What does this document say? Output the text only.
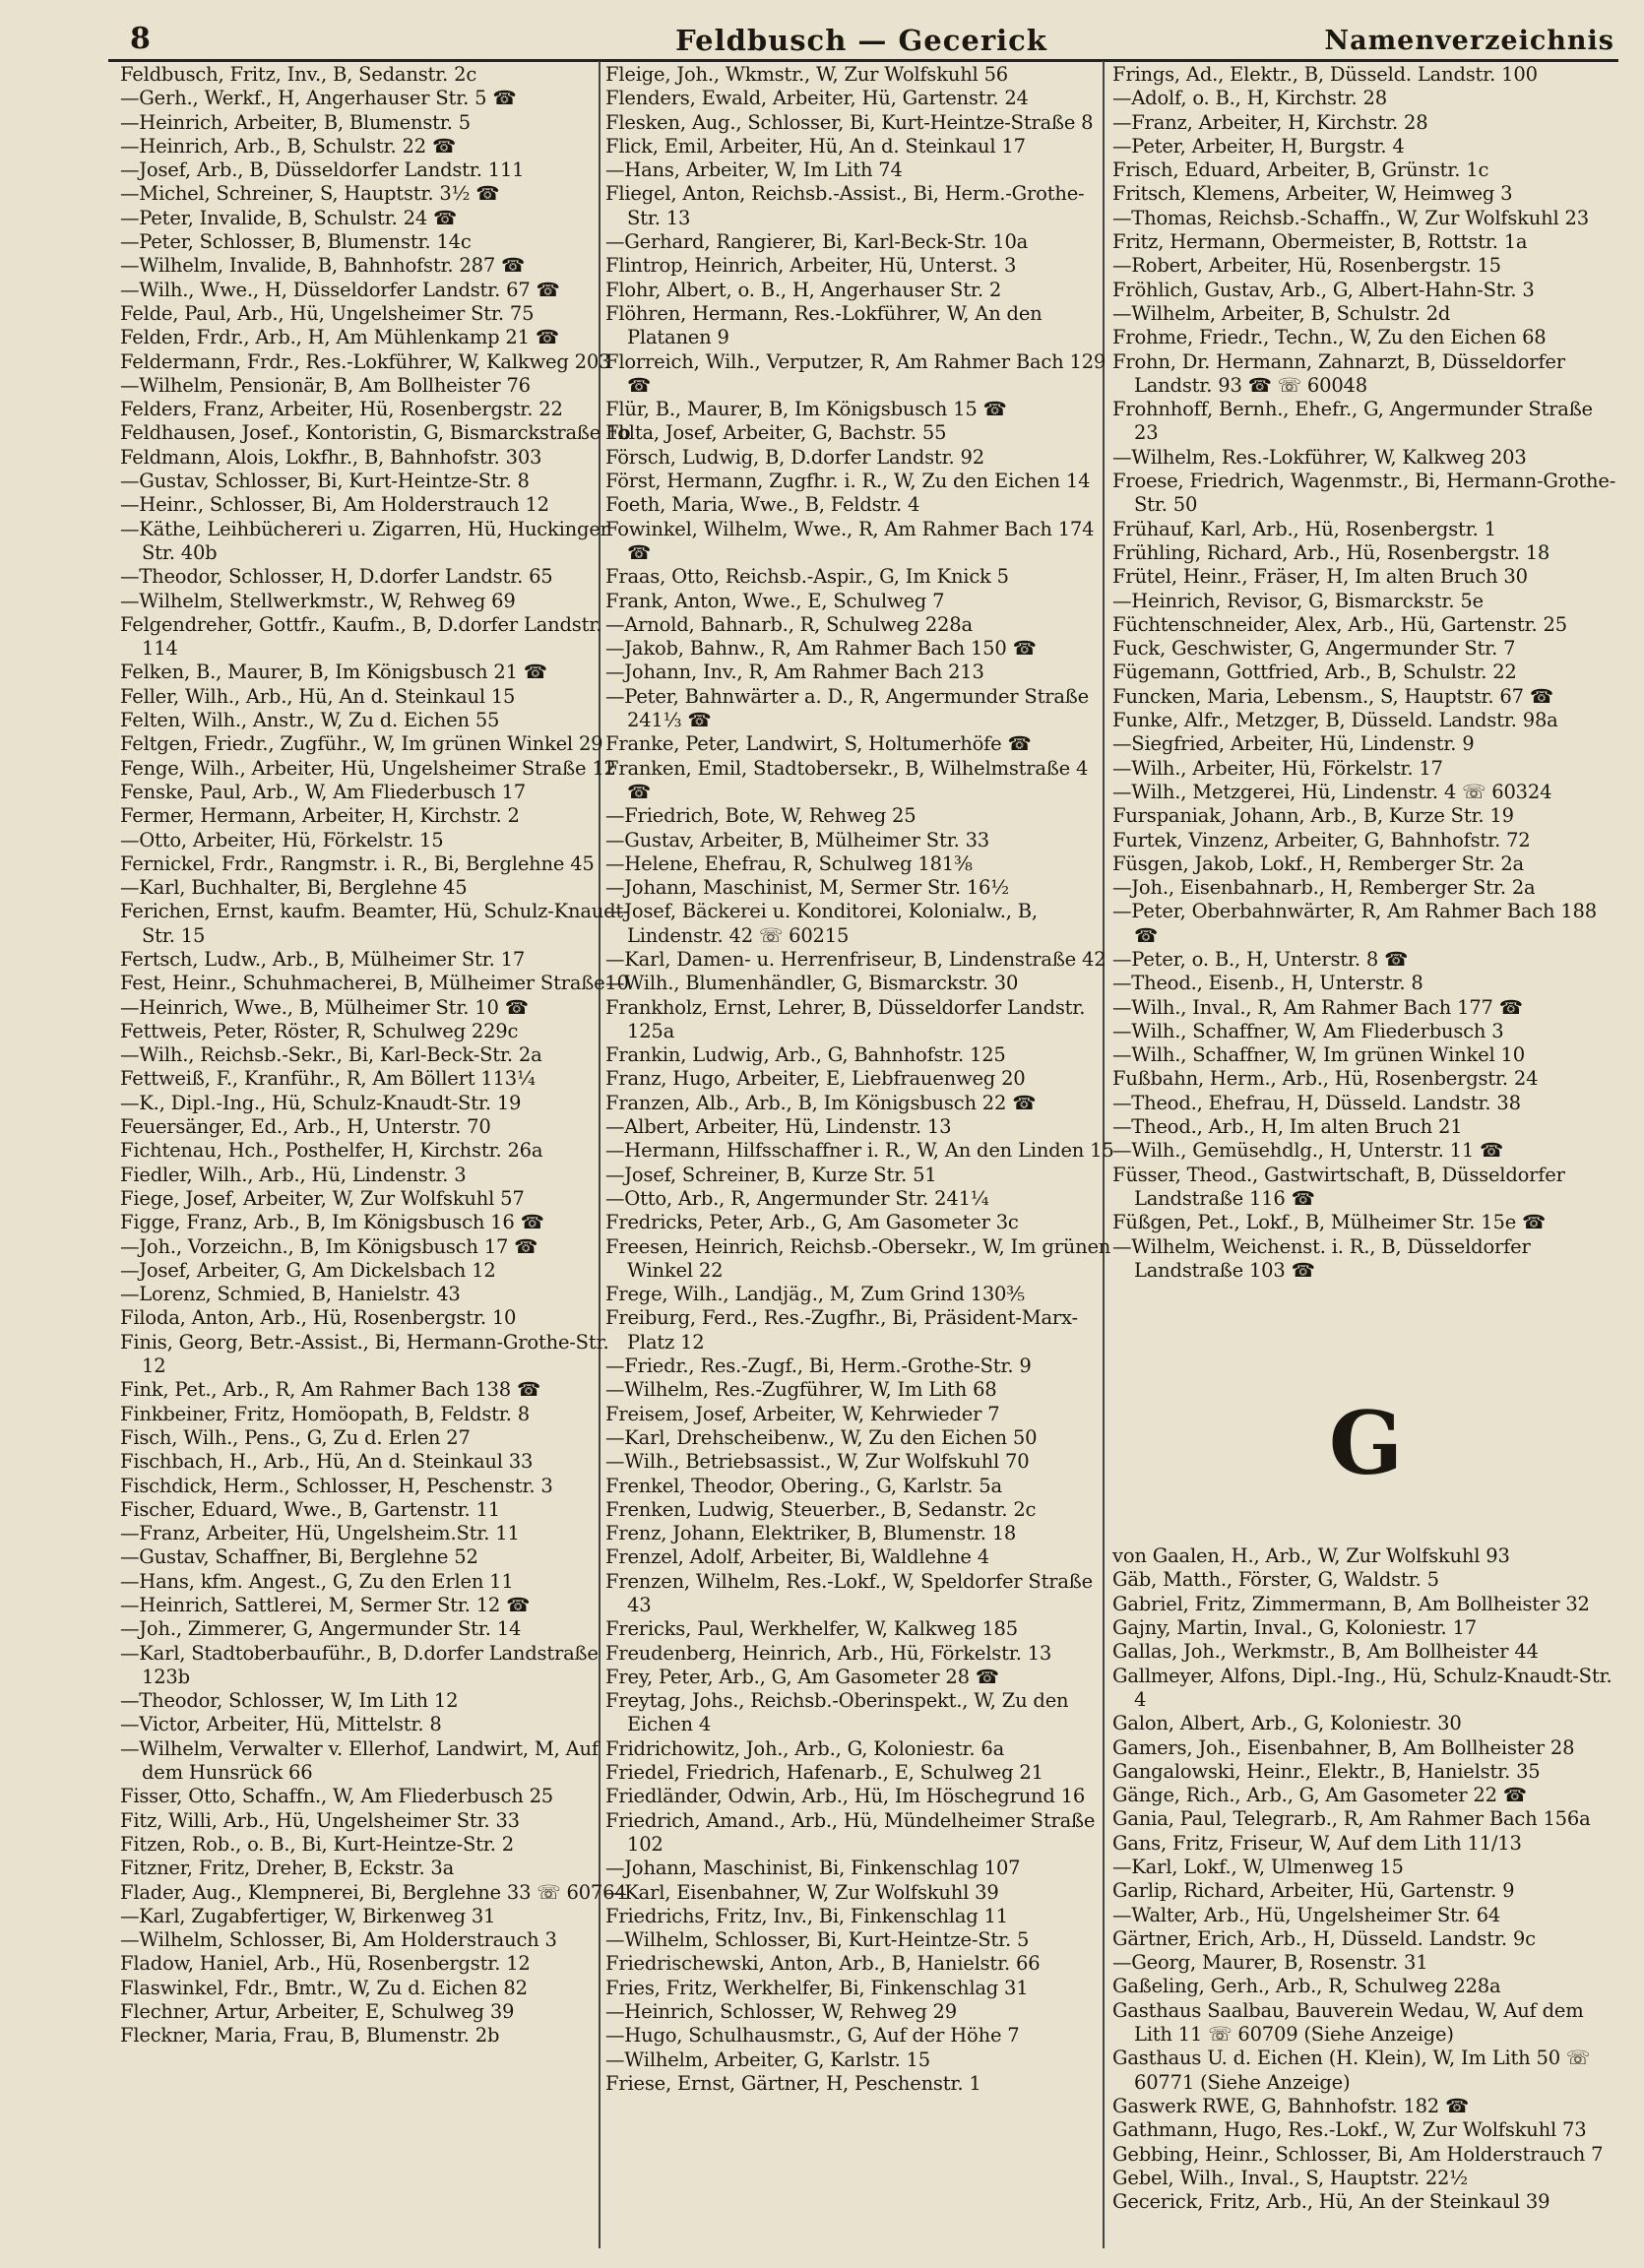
8	Feldbusch — Gecerick	Namenverzeichnis
Feldbusch, Fritz, Inv., B, Sedanstr. 2c
—Gerh., Werkf., H, Angerhauser Str. 5 ☎
—Heinrich, Arbeiter, B, Blumenstr. 5
—Heinrich, Arb., B, Schulstr. 22 ☎
—Josef, Arb., B, Düsseldorfer Landstr. 111
—Michel, Schreiner, S, Hauptstr. 3½ ☎
—Peter, Invalide, B, Schulstr. 24 ☎
—Peter, Schlosser, B, Blumenstr. 14c
—Wilhelm, Invalide, B, Bahnhofstr. 287 ☎
—Wilh., Wwe., H, Düsseldorfer Landstr. 67 ☎
Felde, Paul, Arb., Hü, Ungelsheimer Str. 75
Felden, Frdr., Arb., H, Am Mühlenkamp 21 ☎
Feldermann, Frdr., Res.-Lokführer, W, Kalkweg 203
—Wilhelm, Pensionär, B, Am Bollheister 76
Felders, Franz, Arbeiter, Hü, Rosenbergstr. 22
Feldhausen, Josef., Kontoristin, G, Bismarckstraße 1b
Feldmann, Alois, Lokfhr., B, Bahnhofstr. 303
—Gustav, Schlosser, Bi, Kurt-Heintze-Str. 8
—Heinr., Schlosser, Bi, Am Holderstrauch 12
—Käthe, Leihbüchereri u. Zigarren, Hü, Huckinger Str. 40b
—Theodor, Schlosser, H, D.dorfer Landstr. 65
—Wilhelm, Stellwerkmstr., W, Rehweg 69
Felgendreher, Gottfr., Kaufm., B, D.dorfer Landstr. 114
Felken, B., Maurer, B, Im Königsbusch 21 ☎
Feller, Wilh., Arb., Hü, An d. Steinkaul 15
Felten, Wilh., Anstr., W, Zu d. Eichen 55
Feltgen, Friedr., Zugführ., W, Im grünen Winkel 29
Fenge, Wilh., Arbeiter, Hü, Ungelsheimer Straße 12
Fenske, Paul, Arb., W, Am Fliederbusch 17
Fermer, Hermann, Arbeiter, H, Kirchstr. 2
—Otto, Arbeiter, Hü, Förkelstr. 15
Fernickel, Frdr., Rangmstr. i. R., Bi, Berglehne 45
—Karl, Buchhalter, Bi, Berglehne 45
Ferichen, Ernst, kaufm. Beamter, Hü, Schulz-Knaudt-Str. 15
Fertsch, Ludw., Arb., B, Mülheimer Str. 17
Fest, Heinr., Schuhmacherei, B, Mülheimer Straße10
—Heinrich, Wwe., B, Mülheimer Str. 10 ☎
Fettweis, Peter, Röster, R, Schulweg 229c
—Wilh., Reichsb.-Sekr., Bi, Karl-Beck-Str. 2a
Fettweiß, F., Kranführ., R, Am Böllert 113¼
—K., Dipl.-Ing., Hü, Schulz-Knaudt-Str. 19
Feuersänger, Ed., Arb., H, Unterstr. 70
Fichtenau, Hch., Posthelfer, H, Kirchstr. 26a
Fiedler, Wilh., Arb., Hü, Lindenstr. 3
Fiege, Josef, Arbeiter, W, Zur Wolfskuhl 57
Figge, Franz, Arb., B, Im Königsbusch 16 ☎
—Joh., Vorzeichn., B, Im Königsbusch 17 ☎
—Josef, Arbeiter, G, Am Dickelsbach 12
—Lorenz, Schmied, B, Hanielstr. 43
Filoda, Anton, Arb., Hü, Rosenbergstr. 10
Finis, Georg, Betr.-Assist., Bi, Hermann-Grothe-Str. 12
Fink, Pet., Arb., R, Am Rahmer Bach 138 ☎
Finkbeiner, Fritz, Homöopath, B, Feldstr. 8
Fisch, Wilh., Pens., G, Zu d. Erlen 27
Fischbach, H., Arb., Hü, An d. Steinkaul 33
Fischdick, Herm., Schlosser, H, Peschenstr. 3
Fischer, Eduard, Wwe., B, Gartenstr. 11
—Franz, Arbeiter, Hü, Ungelsheim.Str. 11
—Gustav, Schaffner, Bi, Berglehne 52
—Hans, kfm. Angest., G, Zu den Erlen 11
—Heinrich, Sattlerei, M, Sermer Str. 12 ☎
—Joh., Zimmerer, G, Angermunder Str. 14
—Karl, Stadtoberbauführ., B, D.dorfer Landstraße 123b
—Theodor, Schlosser, W, Im Lith 12
—Victor, Arbeiter, Hü, Mittelstr. 8
—Wilhelm, Verwalter v. Ellerhof, Landwirt, M, Auf dem Hunsrück 66
Fisser, Otto, Schaffn., W, Am Fliederbusch 25
Fitz, Willi, Arb., Hü, Ungelsheimer Str. 33
Fitzen, Rob., o. B., Bi, Kurt-Heintze-Str. 2
Fitzner, Fritz, Dreher, B, Eckstr. 3a
Flader, Aug., Klempnerei, Bi, Berglehne 33 ☏ 60764
—Karl, Zugabfertiger, W, Birkenweg 31
—Wilhelm, Schlosser, Bi, Am Holderstrauch 3
Fladow, Haniel, Arb., Hü, Rosenbergstr. 12
Flaswinkel, Fdr., Bmtr., W, Zu d. Eichen 82
Flechner, Artur, Arbeiter, E, Schulweg 39
Fleckner, Maria, Frau, B, Blumenstr. 2b
Fleige, Joh., Wkmstr., W, Zur Wolfskuhl 56
Flenders, Ewald, Arbeiter, Hü, Gartenstr. 24
Flesken, Aug., Schlosser, Bi, Kurt-Heintze-Straße 8
Flick, Emil, Arbeiter, Hü, An d. Steinkaul 17
—Hans, Arbeiter, W, Im Lith 74
Fliegel, Anton, Reichsb.-Assist., Bi, Herm.-Grothe-Str. 13
—Gerhard, Rangierer, Bi, Karl-Beck-Str. 10a
Flintrop, Heinrich, Arbeiter, Hü, Unterst. 3
Flohr, Albert, o. B., H, Angerhauser Str. 2
Flöhren, Hermann, Res.-Lokführer, W, An den Platanen 9
Florreich, Wilh., Verputzer, R, Am Rahmer Bach 129 ☎
Flür, B., Maurer, B, Im Königsbusch 15 ☎
Folta, Josef, Arbeiter, G, Bachstr. 55
Försch, Ludwig, B, D.dorfer Landstr. 92
Först, Hermann, Zugfhr. i. R., W, Zu den Eichen 14
Foeth, Maria, Wwe., B, Feldstr. 4
Fowinkel, Wilhelm, Wwe., R, Am Rahmer Bach 174 ☎
Fraas, Otto, Reichsb.-Aspir., G, Im Knick 5
Frank, Anton, Wwe., E, Schulweg 7
—Arnold, Bahnarb., R, Schulweg 228a
—Jakob, Bahnw., R, Am Rahmer Bach 150 ☎
—Johann, Inv., R, Am Rahmer Bach 213
—Peter, Bahnwärter a. D., R, Angermunder Straße 241⅓ ☎
Franke, Peter, Landwirt, S, Holtumerhöfe ☎
Franken, Emil, Stadtobersekr., B, Wilhelmstraße 4 ☎
—Friedrich, Bote, W, Rehweg 25
—Gustav, Arbeiter, B, Mülheimer Str. 33
—Helene, Ehefrau, R, Schulweg 181⅜
—Johann, Maschinist, M, Sermer Str. 16½
—Josef, Bäckerei u. Konditorei, Kolonialw., B, Lindenstr. 42 ☏ 60215
—Karl, Damen- u. Herrenfriseur, B, Lindenstraße 42
—Wilh., Blumenhändler, G, Bismarckstr. 30
Frankholz, Ernst, Lehrer, B, Düsseldorfer Landstr. 125a
Frankin, Ludwig, Arb., G, Bahnhofstr. 125
Franz, Hugo, Arbeiter, E, Liebfrauenweg 20
Franzen, Alb., Arb., B, Im Königsbusch 22 ☎
—Albert, Arbeiter, Hü, Lindenstr. 13
—Hermann, Hilfsschaffner i. R., W, An den Linden 15
—Josef, Schreiner, B, Kurze Str. 51
—Otto, Arb., R, Angermunder Str. 241¼
Fredricks, Peter, Arb., G, Am Gasometer 3c
Freesen, Heinrich, Reichsb.-Obersekr., W, Im grünen Winkel 22
Frege, Wilh., Landjäg., M, Zum Grind 130⅗
Freiburg, Ferd., Res.-Zugfhr., Bi, Präsident-Marx-Platz 12
—Friedr., Res.-Zugf., Bi, Herm.-Grothe-Str. 9
—Wilhelm, Res.-Zugführer, W, Im Lith 68
Freisem, Josef, Arbeiter, W, Kehrwieder 7
—Karl, Drehscheibenw., W, Zu den Eichen 50
—Wilh., Betriebsassist., W, Zur Wolfskuhl 70
Frenkel, Theodor, Obering., G, Karlstr. 5a
Frenken, Ludwig, Steuerber., B, Sedanstr. 2c
Frenz, Johann, Elektriker, B, Blumenstr. 18
Frenzel, Adolf, Arbeiter, Bi, Waldlehne 4
Frenzen, Wilhelm, Res.-Lokf., W, Speldorfer Straße 43
Frericks, Paul, Werkhelfer, W, Kalkweg 185
Freudenberg, Heinrich, Arb., Hü, Förkelstr. 13
Frey, Peter, Arb., G, Am Gasometer 28 ☎
Freytag, Johs., Reichsb.-Oberinspekt., W, Zu den Eichen 4
Fridrichowitz, Joh., Arb., G, Koloniestr. 6a
Friedel, Friedrich, Hafenarb., E, Schulweg 21
Friedländer, Odwin, Arb., Hü, Im Höschegrund 16
Friedrich, Amand., Arb., Hü, Mündelheimer Straße 102
—Johann, Maschinist, Bi, Finkenschlag 107
—Karl, Eisenbahner, W, Zur Wolfskuhl 39
Friedrichs, Fritz, Inv., Bi, Finkenschlag 11
—Wilhelm, Schlosser, Bi, Kurt-Heintze-Str. 5
Friedrischewski, Anton, Arb., B, Hanielstr. 66
Fries, Fritz, Werkhelfer, Bi, Finkenschlag 31
—Heinrich, Schlosser, W, Rehweg 29
—Hugo, Schulhausmstr., G, Auf der Höhe 7
—Wilhelm, Arbeiter, G, Karlstr. 15
Friese, Ernst, Gärtner, H, Peschenstr. 1
Frings, Ad., Elektr., B, Düsseld. Landstr. 100
—Adolf, o. B., H, Kirchstr. 28
—Franz, Arbeiter, H, Kirchstr. 28
—Peter, Arbeiter, H, Burgstr. 4
Frisch, Eduard, Arbeiter, B, Grünstr. 1c
Fritsch, Klemens, Arbeiter, W, Heimweg 3
—Thomas, Reichsb.-Schaffn., W, Zur Wolfskuhl 23
Fritz, Hermann, Obermeister, B, Rottstr. 1a
—Robert, Arbeiter, Hü, Rosenbergstr. 15
Fröhlich, Gustav, Arb., G, Albert-Hahn-Str. 3
—Wilhelm, Arbeiter, B, Schulstr. 2d
Frohme, Friedr., Techn., W, Zu den Eichen 68
Frohn, Dr. Hermann, Zahnarzt, B, Düsseldorfer Landstr. 93 ☎ ☏ 60048
Frohnhoff, Bernh., Ehefr., G, Angermunder Straße 23
—Wilhelm, Res.-Lokführer, W, Kalkweg 203
Froese, Friedrich, Wagenmstr., Bi, Hermann-Grothe-Str. 50
Frühauf, Karl, Arb., Hü, Rosenbergstr. 1
Frühling, Richard, Arb., Hü, Rosenbergstr. 18
Frütel, Heinr., Fräser, H, Im alten Bruch 30
—Heinrich, Revisor, G, Bismarckstr. 5e
Füchtenschneider, Alex, Arb., Hü, Gartenstr. 25
Fuck, Geschwister, G, Angermunder Str. 7
Fügemann, Gottfried, Arb., B, Schulstr. 22
Funcken, Maria, Lebensm., S, Hauptstr. 67 ☎
Funke, Alfr., Metzger, B, Düsseld. Landstr. 98a
—Siegfried, Arbeiter, Hü, Lindenstr. 9
—Wilh., Arbeiter, Hü, Förkelstr. 17
—Wilh., Metzgerei, Hü, Lindenstr. 4 ☏ 60324
Furspaniak, Johann, Arb., B, Kurze Str. 19
Furtek, Vinzenz, Arbeiter, G, Bahnhofstr. 72
Füsgen, Jakob, Lokf., H, Remberger Str. 2a
—Joh., Eisenbahnarb., H, Remberger Str. 2a
—Peter, Oberbahnwärter, R, Am Rahmer Bach 188 ☎
—Peter, o. B., H, Unterstr. 8 ☎
—Theod., Eisenb., H, Unterstr. 8
—Wilh., Inval., R, Am Rahmer Bach 177 ☎
—Wilh., Schaffner, W, Am Fliederbusch 3
—Wilh., Schaffner, W, Im grünen Winkel 10
Fußbahn, Herm., Arb., Hü, Rosenbergstr. 24
—Theod., Ehefrau, H, Düsseld. Landstr. 38
—Theod., Arb., H, Im alten Bruch 21
—Wilh., Gemüsehdlg., H, Unterstr. 11 ☎
Füsser, Theod., Gastwirtschaft, B, Düsseldorfer Landstraße 116 ☎
Füßgen, Pet., Lokf., B, Mülheimer Str. 15e ☎
—Wilhelm, Weichenst. i. R., B, Düsseldorfer Landstraße 103 ☎
G
von Gaalen, H., Arb., W, Zur Wolfskuhl 93
Gäb, Matth., Förster, G, Waldstr. 5
Gabriel, Fritz, Zimmermann, B, Am Bollheister 32
Gajny, Martin, Inval., G, Koloniestr. 17
Gallas, Joh., Werkmstr., B, Am Bollheister 44
Gallmeyer, Alfons, Dipl.-Ing., Hü, Schulz-Knaudt-Str. 4
Galon, Albert, Arb., G, Koloniestr. 30
Gamers, Joh., Eisenbahner, B, Am Bollheister 28
Gangalowski, Heinr., Elektr., B, Hanielstr. 35
Gänge, Rich., Arb., G, Am Gasometer 22 ☎
Gania, Paul, Telegrarb., R, Am Rahmer Bach 156a
Gans, Fritz, Friseur, W, Auf dem Lith 11/13
—Karl, Lokf., W, Ulmenweg 15
Garlip, Richard, Arbeiter, Hü, Gartenstr. 9
—Walter, Arb., Hü, Ungelsheimer Str. 64
Gärtner, Erich, Arb., H, Düsseld. Landstr. 9c
—Georg, Maurer, B, Rosenstr. 31
Gaßeling, Gerh., Arb., R, Schulweg 228a
Gasthaus Saalbau, Bauverein Wedau, W, Auf dem Lith 11 ☏ 60709 (Siehe Anzeige)
Gasthaus U. d. Eichen (H. Klein), W, Im Lith 50 ☏ 60771 (Siehe Anzeige)
Gaswerk RWE, G, Bahnhofstr. 182 ☎
Gathmann, Hugo, Res.-Lokf., W, Zur Wolfskuhl 73
Gebbing, Heinr., Schlosser, Bi, Am Holderstrauch 7
Gebel, Wilh., Inval., S, Hauptstr. 22½
Gecerick, Fritz, Arb., Hü, An der Steinkaul 39
